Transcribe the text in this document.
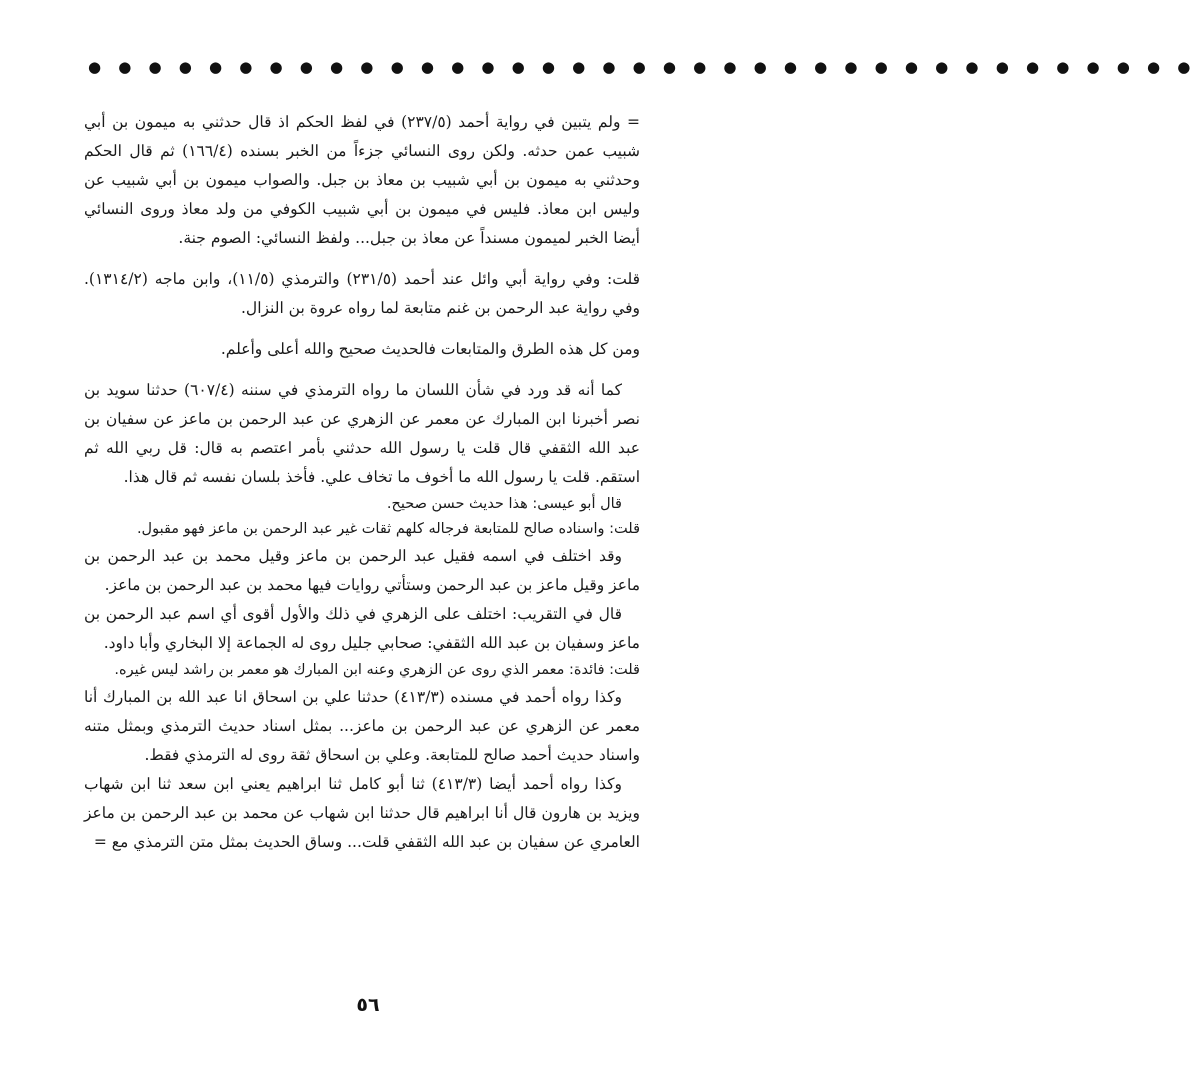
● ● ● ● ● ● ● ● ● ● ● ● ● ● ● ● ● ● ● ● ● ● ● ● ● ● ● ● ● ● ● ● ● ● ● ● ●

= ولم يتبين في رواية أحمد (٢٣٧/٥) في لفظ الحكم اذ قال حدثني به ميمون بن أبي شبيب عمن حدثه. ولكن روى النسائي جزءاً من الخبر بسنده (١٦٦/٤) ثم قال الحكم وحدثني به ميمون بن أبي شبيب بن معاذ بن جبل. والصواب ميمون بن أبي شبيب عن وليس ابن معاذ. فليس في ميمون بن أبي شبيب الكوفي من ولد معاذ وروى النسائي أيضا الخبر لميمون مسنداً عن معاذ بن جبل... ولفظ النسائي: الصوم جنة.

قلت: وفي رواية أبي وائل عند أحمد (٢٣١/٥) والترمذي (١١/٥)، وابن ماجه (١٣١٤/٢). وفي رواية عبد الرحمن بن غنم متابعة لما رواه عروة بن النزال.

ومن كل هذه الطرق والمتابعات فالحديث صحيح والله أعلى وأعلم.

كما أنه قد ورد في شأن اللسان ما رواه الترمذي في سننه (٦٠٧/٤) حدثنا سويد بن نصر أخبرنا ابن المبارك عن معمر عن الزهري عن عبد الرحمن بن ماعز عن سفيان بن عبد الله الثقفي قال قلت يا رسول الله حدثني بأمر اعتصم به قال: قل ربي الله ثم استقم. قلت يا رسول الله ما أخوف ما تخاف علي. فأخذ بلسان نفسه ثم قال هذا.

قال أبو عيسى: هذا حديث حسن صحيح.

قلت: واسناده صالح للمتابعة فرجاله كلهم ثقات غير عبد الرحمن بن ماعز فهو مقبول.

وقد اختلف في اسمه فقيل عبد الرحمن بن ماعز وقيل محمد بن عبد الرحمن بن ماعز وقيل ماعز بن عبد الرحمن وستأتي روايات فيها محمد بن عبد الرحمن بن ماعز.

قال في التقريب: اختلف على الزهري في ذلك والأول أقوى أي اسم عبد الرحمن بن ماعز وسفيان بن عبد الله الثقفي: صحابي جليل روى له الجماعة إلا البخاري وأبا داود.

قلت: فائدة: معمر الذي روى عن الزهري وعنه ابن المبارك هو معمر بن راشد ليس غيره.

وكذا رواه أحمد في مسنده (٤١٣/٣) حدثنا علي بن اسحاق انا عبد الله بن المبارك أنا معمر عن الزهري عن عبد الرحمن بن ماعز... بمثل اسناد حديث الترمذي وبمثل متنه واسناد حديث أحمد صالح للمتابعة. وعلي بن اسحاق ثقة روى له الترمذي فقط.

وكذا رواه أحمد أيضا (٤١٣/٣) ثنا أبو كامل ثنا ابراهيم يعني ابن سعد ثنا ابن شهاب ويزيد بن هارون قال أنا ابراهيم قال حدثنا ابن شهاب عن محمد بن عبد الرحمن بن ماعز العامري عن سفيان بن عبد الله الثقفي قلت... وساق الحديث بمثل متن الترمذي مع =

٥٦
